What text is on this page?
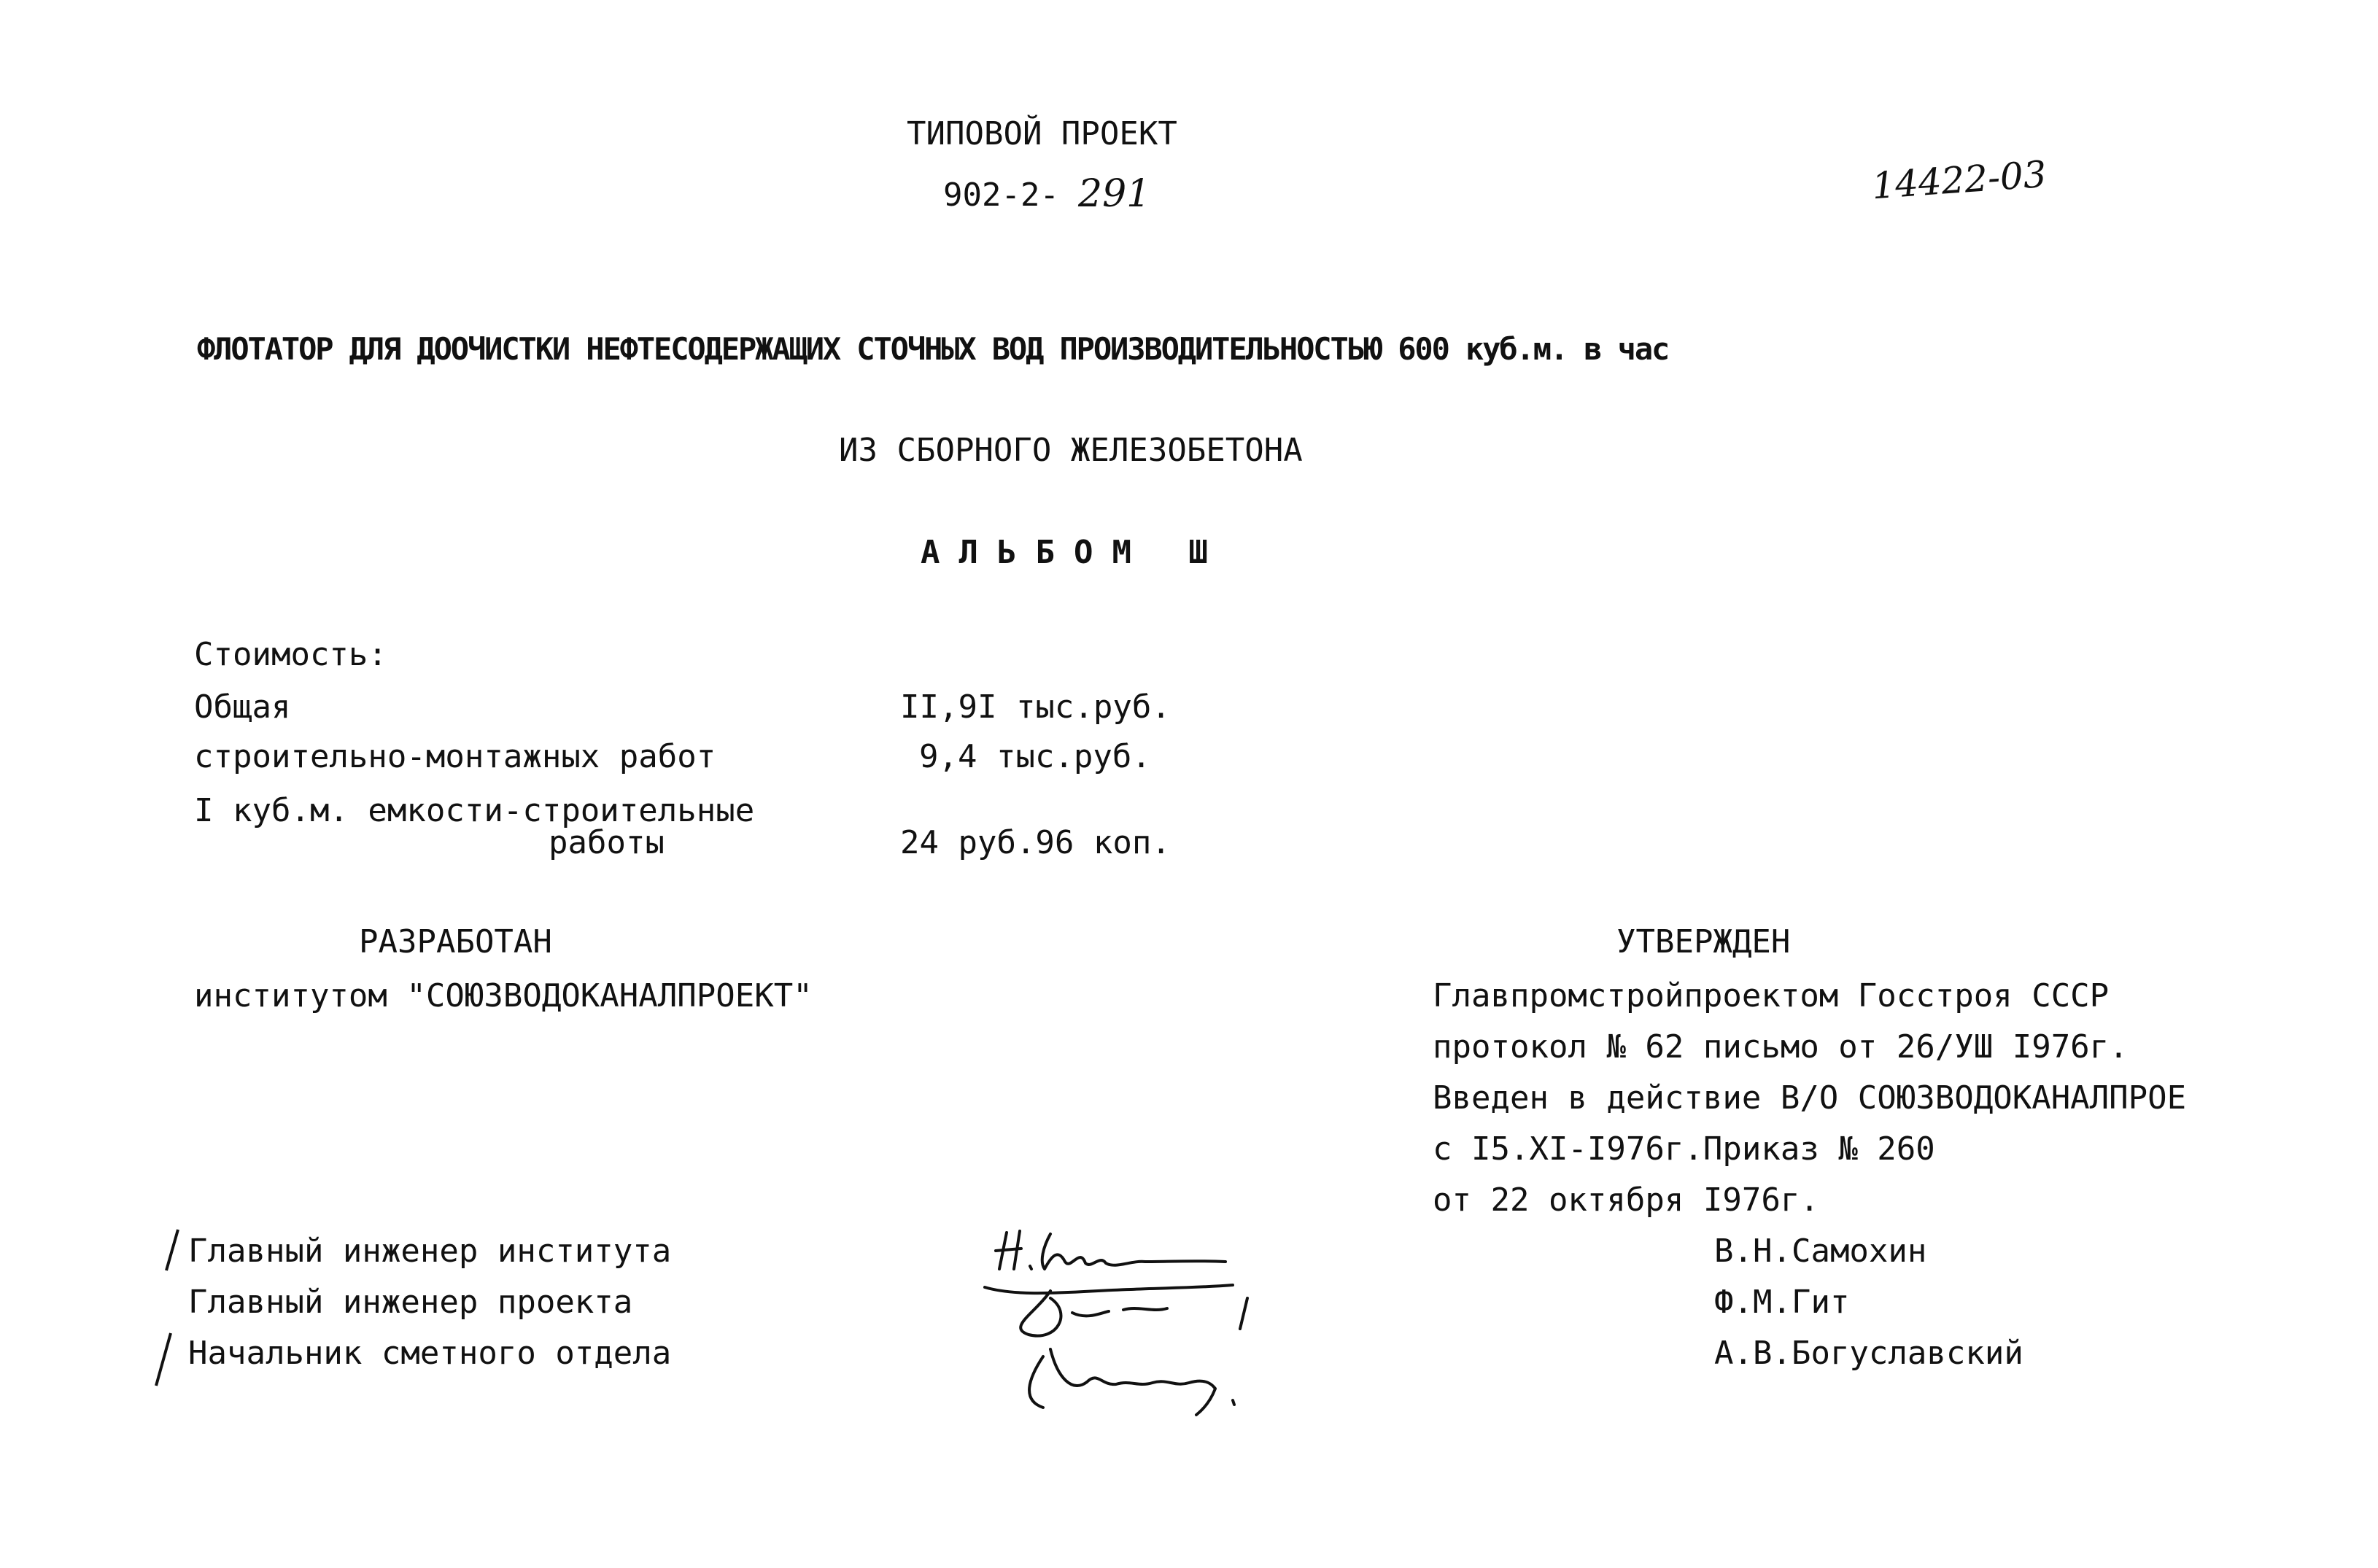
ТИПОВОЙ ПРОЕКТ
902-2- 291	14422-03
ФЛОТАТОР ДЛЯ ДООЧИСТКИ НЕФТЕСОДЕРЖАЩИХ СТОЧНЫХ ВОД ПРОИЗВОДИТЕЛЬНОСТЬЮ 600 куб.м. в час
ИЗ СБОРНОГО ЖЕЛЕЗОБЕТОНА
АЛЬБОМ Ш
Стоимость:
Общая	II,9I тыс.руб.
строительно-монтажных работ	9,4 тыс.руб.
I куб.м. емкости-строительные
работы	24 руб.96 коп.
РАЗРАБОТАН
институтом "СОЮЗВОДОКАНАЛПРОЕКТ"
УТВЕРЖДЕН
Главпромстройпроектом Госстроя СССР
протокол № 62 письмо от 26/УШ I976г.
Введен в действие В/О СОЮЗВОДОКАНАЛПРОЕ
с I5.XI-I976г.Приказ № 260
от 22 октября I976г.
Главный инженер института
Главный инженер проекта
Начальник сметного отдела
В.Н.Самохин
Ф.М.Гит
А.В.Богуславский
